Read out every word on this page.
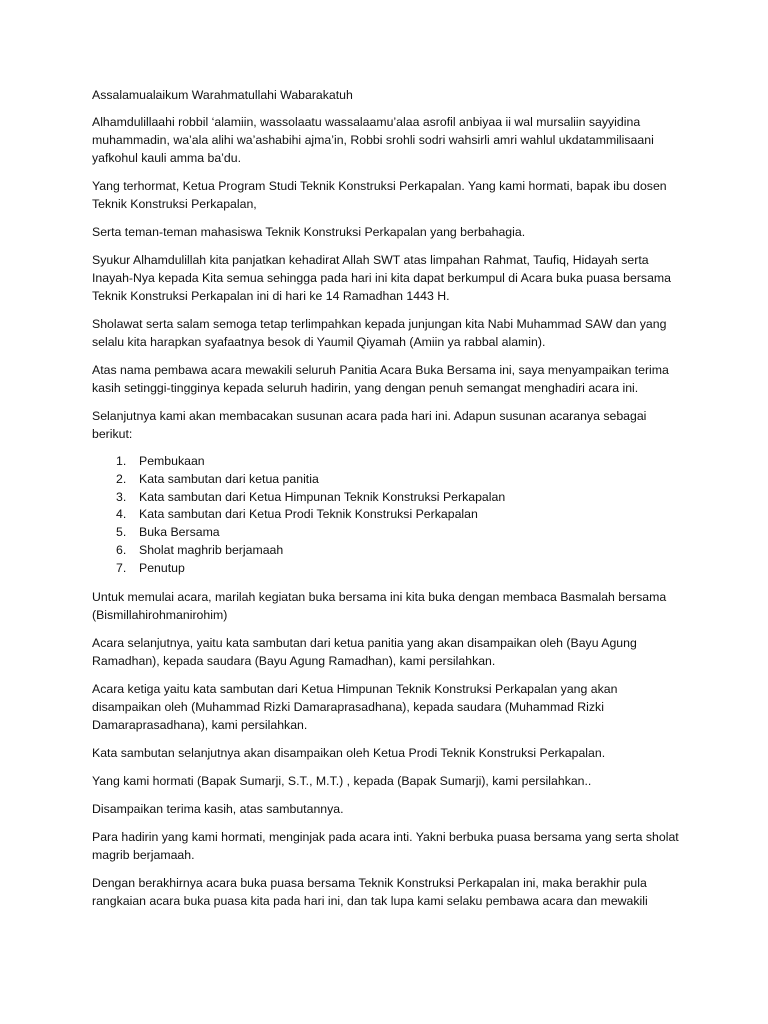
Assalamualaikum Warahmatullahi Wabarakatuh

Alhamdulillaahi robbil ‘alamiin, wassolaatu wassalaamu’alaa asrofil anbiyaa ii wal mursaliin sayyidina muhammadin, wa’ala alihi wa’ashabihi ajma’in, Robbi srohli sodri wahsirli amri wahlul ukdatammilisaani yafkohul kauli amma ba’du.

Yang terhormat, Ketua Program Studi Teknik Konstruksi Perkapalan. Yang kami hormati, bapak ibu dosen Teknik Konstruksi Perkapalan,

Serta teman-teman mahasiswa Teknik Konstruksi Perkapalan yang berbahagia.

Syukur Alhamdulillah kita panjatkan kehadirat Allah SWT atas limpahan Rahmat, Taufiq, Hidayah serta Inayah-Nya kepada Kita semua sehingga pada hari ini kita dapat berkumpul di Acara buka puasa bersama Teknik Konstruksi Perkapalan ini di hari ke 14 Ramadhan 1443 H.

Sholawat serta salam semoga tetap terlimpahkan kepada junjungan kita Nabi Muhammad SAW dan yang selalu kita harapkan syafaatnya besok di Yaumil Qiyamah (Amiin ya rabbal alamin).

Atas nama pembawa acara mewakili seluruh Panitia Acara Buka Bersama ini, saya menyampaikan terima kasih setinggi-tingginya kepada seluruh hadirin, yang dengan penuh semangat menghadiri acara ini.

Selanjutnya kami akan membacakan susunan acara pada hari ini. Adapun susunan acaranya sebagai berikut:

1.	Pembukaan
2.	Kata sambutan dari ketua panitia
3.	Kata sambutan dari Ketua Himpunan Teknik Konstruksi Perkapalan
4.	Kata sambutan dari Ketua Prodi Teknik Konstruksi Perkapalan
5.	Buka Bersama
6.	Sholat maghrib berjamaah
7.	Penutup

Untuk memulai acara, marilah kegiatan buka bersama ini kita buka dengan membaca Basmalah bersama (Bismillahirohmanirohim)

Acara selanjutnya, yaitu kata sambutan dari ketua panitia yang akan disampaikan oleh (Bayu Agung Ramadhan), kepada saudara (Bayu Agung Ramadhan), kami persilahkan.

Acara ketiga yaitu kata sambutan dari Ketua Himpunan Teknik Konstruksi Perkapalan yang akan disampaikan oleh (Muhammad Rizki Damaraprasadhana), kepada saudara (Muhammad Rizki Damaraprasadhana), kami persilahkan.

Kata sambutan selanjutnya akan disampaikan oleh Ketua Prodi Teknik Konstruksi Perkapalan.

Yang kami hormati (Bapak Sumarji, S.T., M.T.) , kepada (Bapak Sumarji), kami persilahkan..

Disampaikan terima kasih, atas sambutannya.

Para hadirin yang kami hormati, menginjak pada acara inti. Yakni berbuka puasa bersama yang serta sholat magrib berjamaah.

Dengan berakhirnya acara buka puasa bersama Teknik Konstruksi Perkapalan ini, maka berakhir pula rangkaian acara buka puasa kita pada hari ini, dan tak lupa kami selaku pembawa acara dan mewakili
